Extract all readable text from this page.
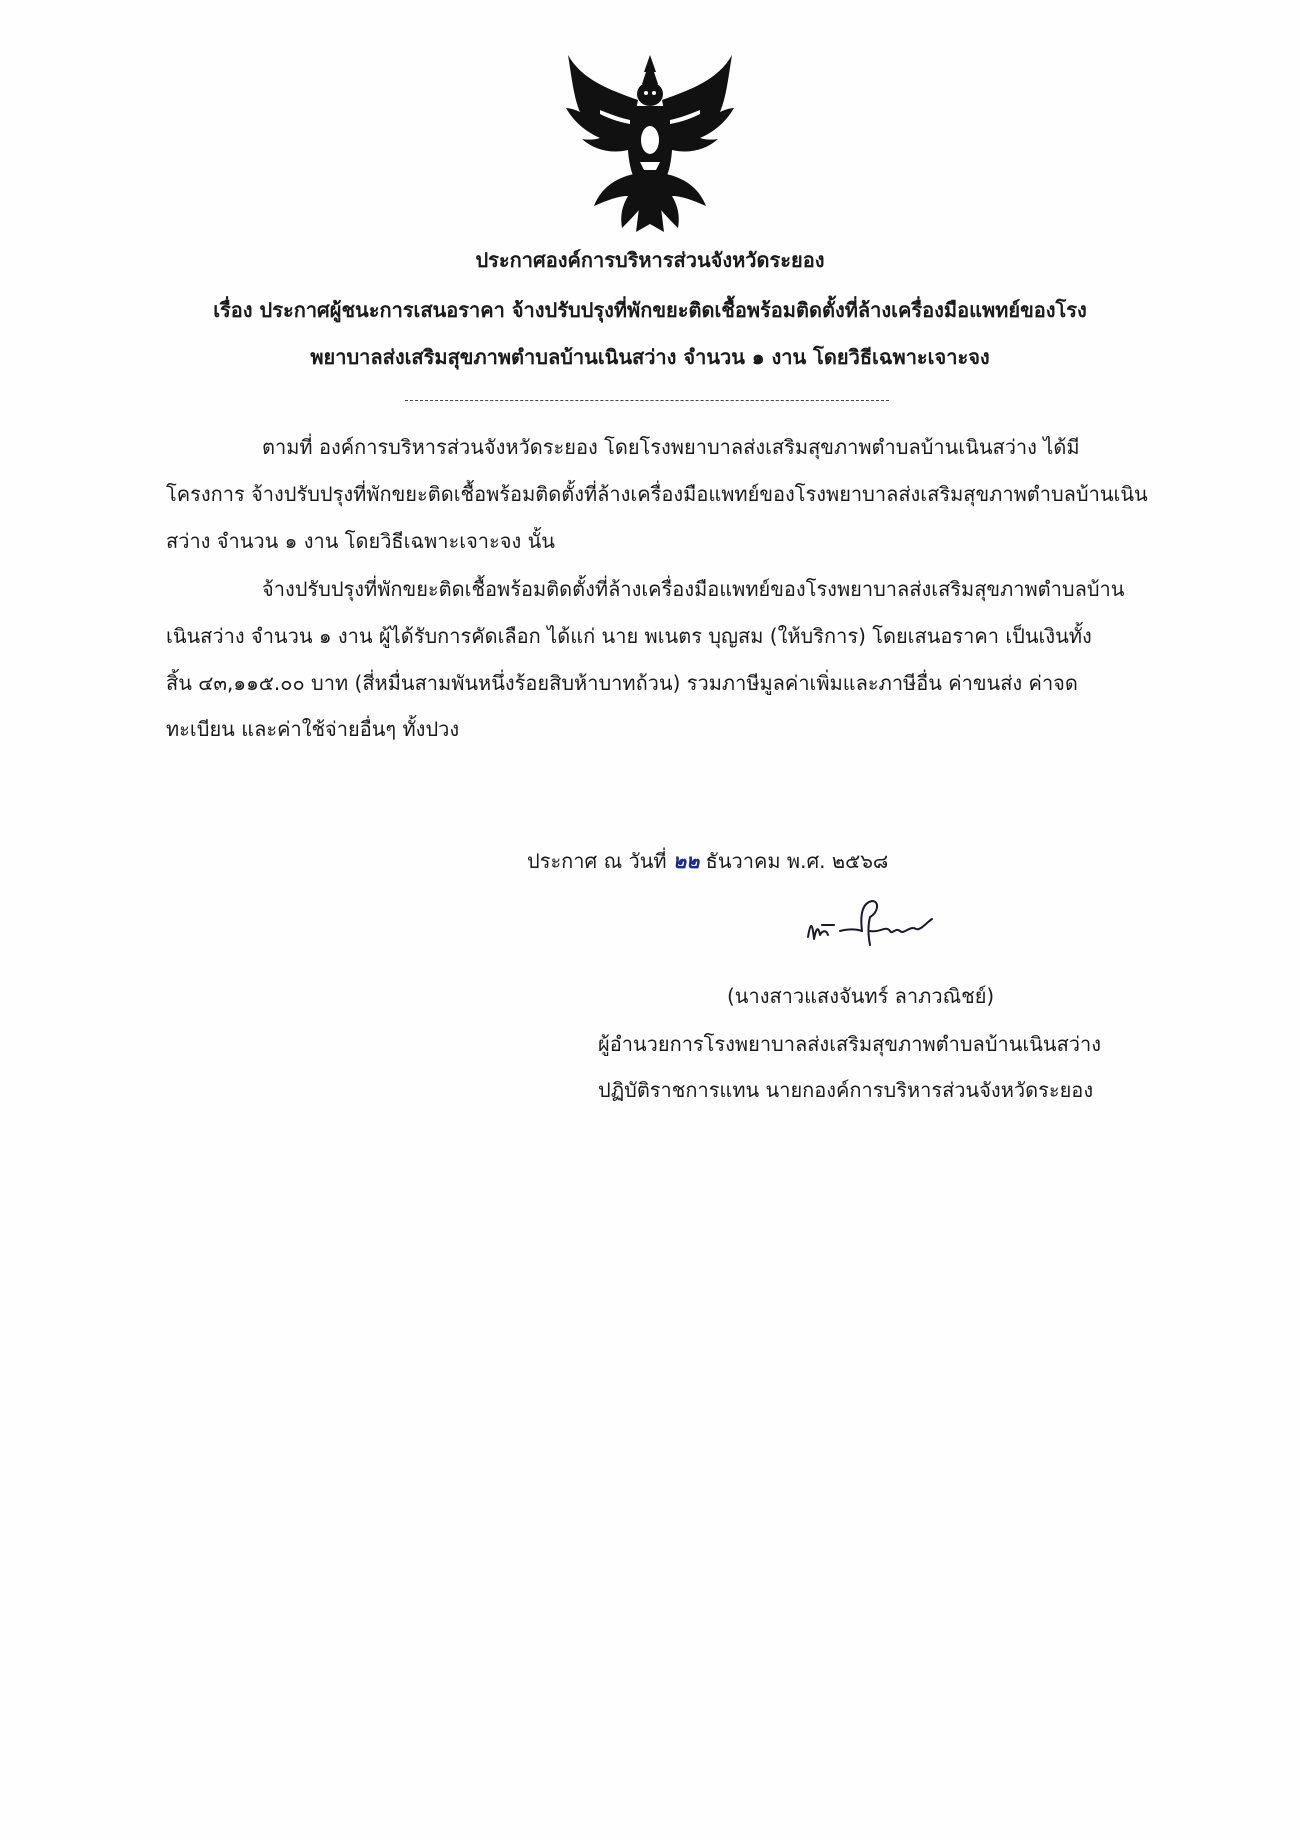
ประกาศองค์การบริหารส่วนจังหวัดระยอง
เรื่อง ประกาศผู้ชนะการเสนอราคา จ้างปรับปรุงที่พักขยะติดเชื้อพร้อมติดตั้งที่ล้างเครื่องมือแพทย์ของโรง
พยาบาลส่งเสริมสุขภาพตำบลบ้านเนินสว่าง จำนวน ๑ งาน โดยวิธีเฉพาะเจาะจง
ตามที่ องค์การบริหารส่วนจังหวัดระยอง โดยโรงพยาบาลส่งเสริมสุขภาพตำบลบ้านเนินสว่าง ได้มี
โครงการ จ้างปรับปรุงที่พักขยะติดเชื้อพร้อมติดตั้งที่ล้างเครื่องมือแพทย์ของโรงพยาบาลส่งเสริมสุขภาพตำบลบ้านเนิน
สว่าง จำนวน ๑ งาน โดยวิธีเฉพาะเจาะจง นั้น
จ้างปรับปรุงที่พักขยะติดเชื้อพร้อมติดตั้งที่ล้างเครื่องมือแพทย์ของโรงพยาบาลส่งเสริมสุขภาพตำบลบ้าน
เนินสว่าง จำนวน ๑ งาน ผู้ได้รับการคัดเลือก ได้แก่ นาย พเนตร บุญสม (ให้บริการ) โดยเสนอราคา เป็นเงินทั้ง
สิ้น ๔๓,๑๑๕.๐๐ บาท (สี่หมื่นสามพันหนึ่งร้อยสิบห้าบาทถ้วน) รวมภาษีมูลค่าเพิ่มและภาษีอื่น ค่าขนส่ง ค่าจด
ทะเบียน และค่าใช้จ่ายอื่นๆ ทั้งปวง
ประกาศ ณ วันที่ ๒๒ ธันวาคม พ.ศ. ๒๕๖๘
(นางสาวแสงจันทร์ ลาภวณิชย์)
ผู้อำนวยการโรงพยาบาลส่งเสริมสุขภาพตำบลบ้านเนินสว่าง
ปฏิบัติราชการแทน นายกองค์การบริหารส่วนจังหวัดระยอง
